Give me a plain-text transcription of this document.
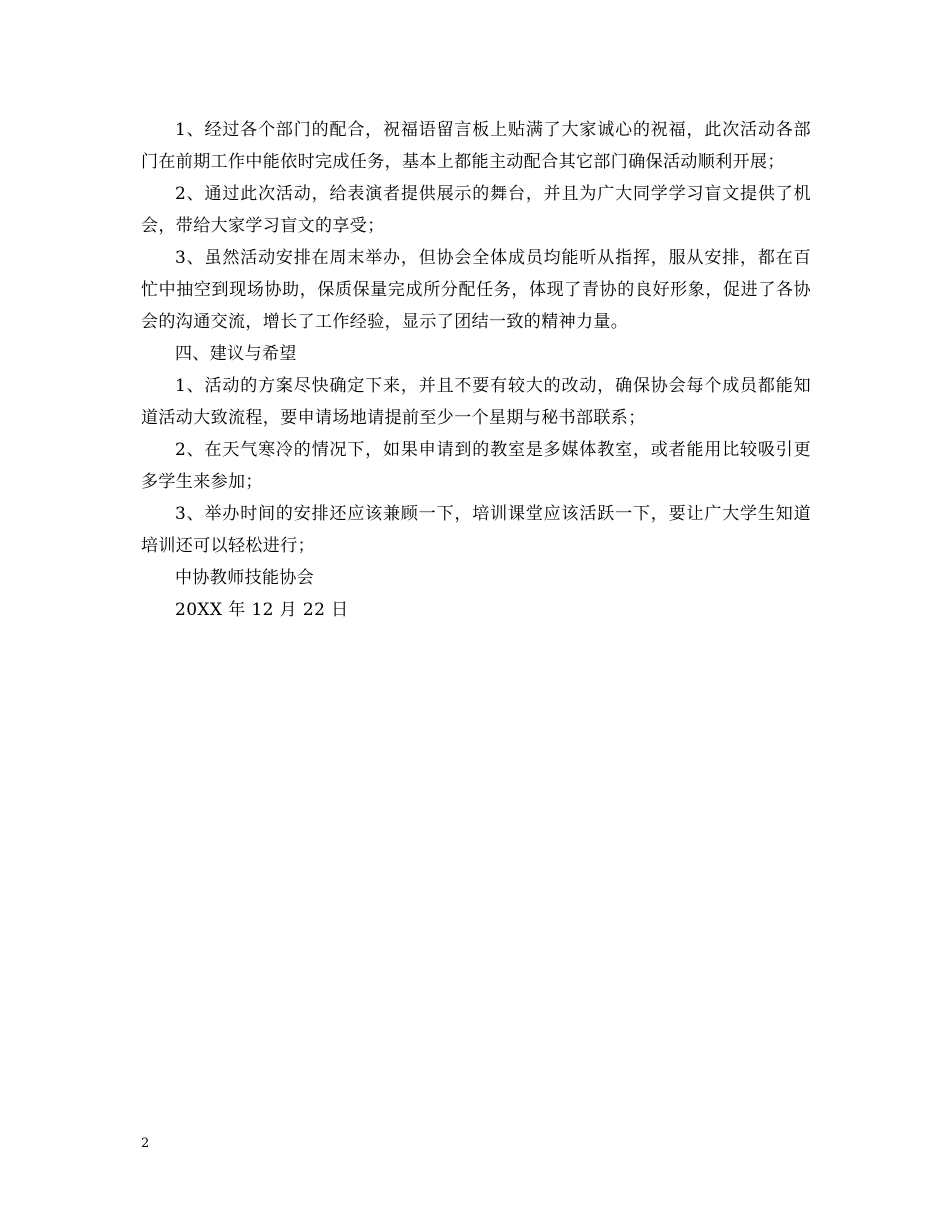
1、经过各个部门的配合，祝福语留言板上贴满了大家诚心的祝福，此次活动各部门在前期工作中能依时完成任务，基本上都能主动配合其它部门确保活动顺利开展；

2、通过此次活动，给表演者提供展示的舞台，并且为广大同学学习盲文提供了机会，带给大家学习盲文的享受；

3、虽然活动安排在周末举办，但协会全体成员均能听从指挥，服从安排，都在百忙中抽空到现场协助，保质保量完成所分配任务，体现了青协的良好形象，促进了各协会的沟通交流，增长了工作经验，显示了团结一致的精神力量。

四、建议与希望

1、活动的方案尽快确定下来，并且不要有较大的改动，确保协会每个成员都能知道活动大致流程，要申请场地请提前至少一个星期与秘书部联系；

2、在天气寒冷的情况下，如果申请到的教室是多媒体教室，或者能用比较吸引更多学生来参加；

3、举办时间的安排还应该兼顾一下，培训课堂应该活跃一下，要让广大学生知道培训还可以轻松进行；

中协教师技能协会

20XX 年 12 月 22 日

2
